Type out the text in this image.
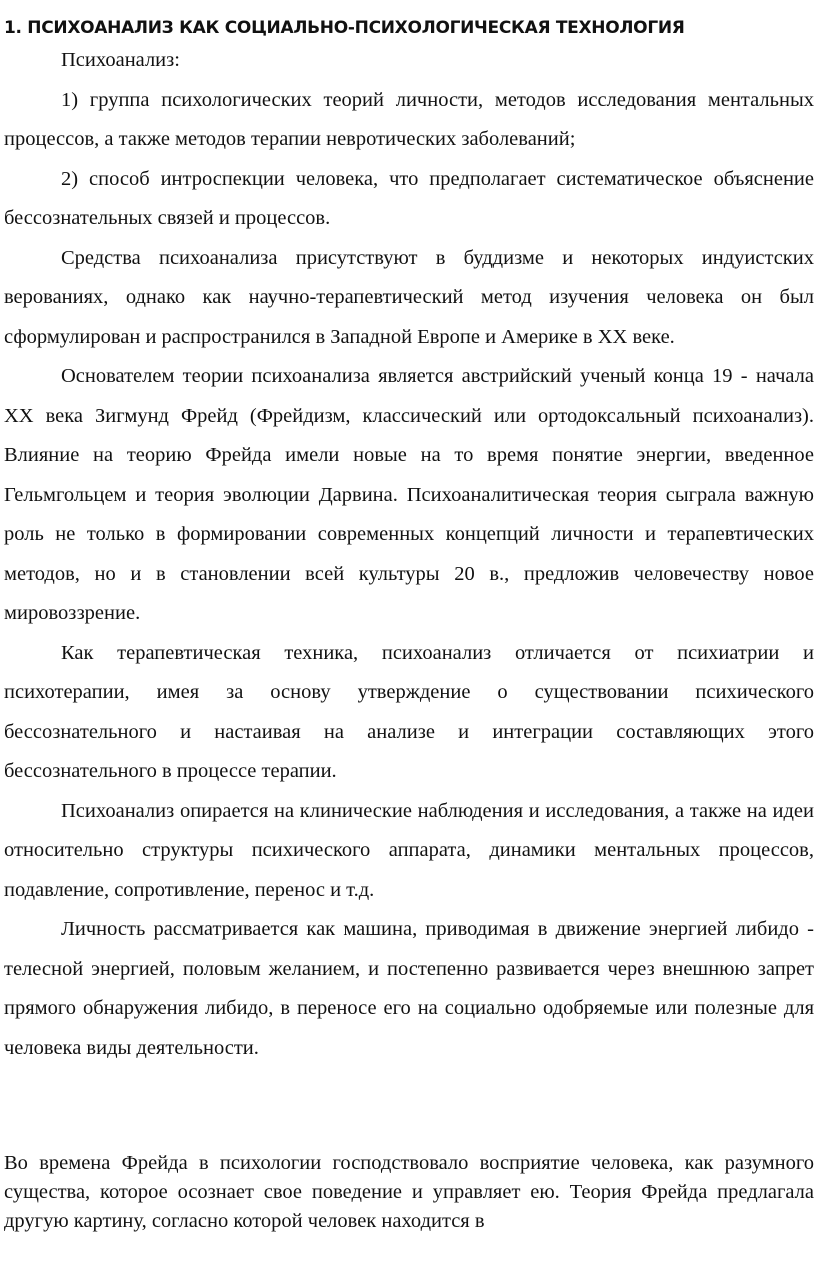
1. ПСИХОАНАЛИЗ КАК СОЦИАЛЬНО-ПСИХОЛОГИЧЕСКАЯ ТЕХНОЛОГИЯ

Психоанализ:

1) группа психологических теорий личности, методов исследования ментальных процессов, а также методов терапии невротических заболеваний;

2) способ интроспекции человека, что предполагает систематическое объяснение бессознательных связей и процессов.

Средства психоанализа присутствуют в буддизме и некоторых индуистских верованиях, однако как научно-терапевтический метод изучения человека он был сформулирован и распространился в Западной Европе и Америке в XX веке.

Основателем теории психоанализа является австрийский ученый конца 19 - начала XX века Зигмунд Фрейд (Фрейдизм, классический или ортодоксальный психоанализ). Влияние на теорию Фрейда имели новые на то время понятие энергии, введенное Гельмгольцем и теория эволюции Дарвина. Психоаналитическая теория сыграла важную роль не только в формировании современных концепций личности и терапевтических методов, но и в становлении всей культуры 20 в., предложив человечеству новое мировоззрение.

Как терапевтическая техника, психоанализ отличается от психиатрии и психотерапии, имея за основу утверждение о существовании психического бессознательного и настаивая на анализе и интеграции составляющих этого бессознательного в процессе терапии.

Психоанализ опирается на клинические наблюдения и исследования, а также на идеи относительно структуры психического аппарата, динамики ментальных процессов, подавление, сопротивление, перенос и т.д.

Личность рассматривается как машина, приводимая в движение энергией либидо - телесной энергией, половым желанием, и постепенно развивается через внешнюю запрет прямого обнаружения либидо, в переносе его на социально одобряемые или полезные для человека виды деятельности.

Во времена Фрейда в психологии господствовало восприятие человека, как разумного существа, которое осознает свое поведение и управляет ею. Теория Фрейда предлагала другую картину, согласно которой человек находится в
